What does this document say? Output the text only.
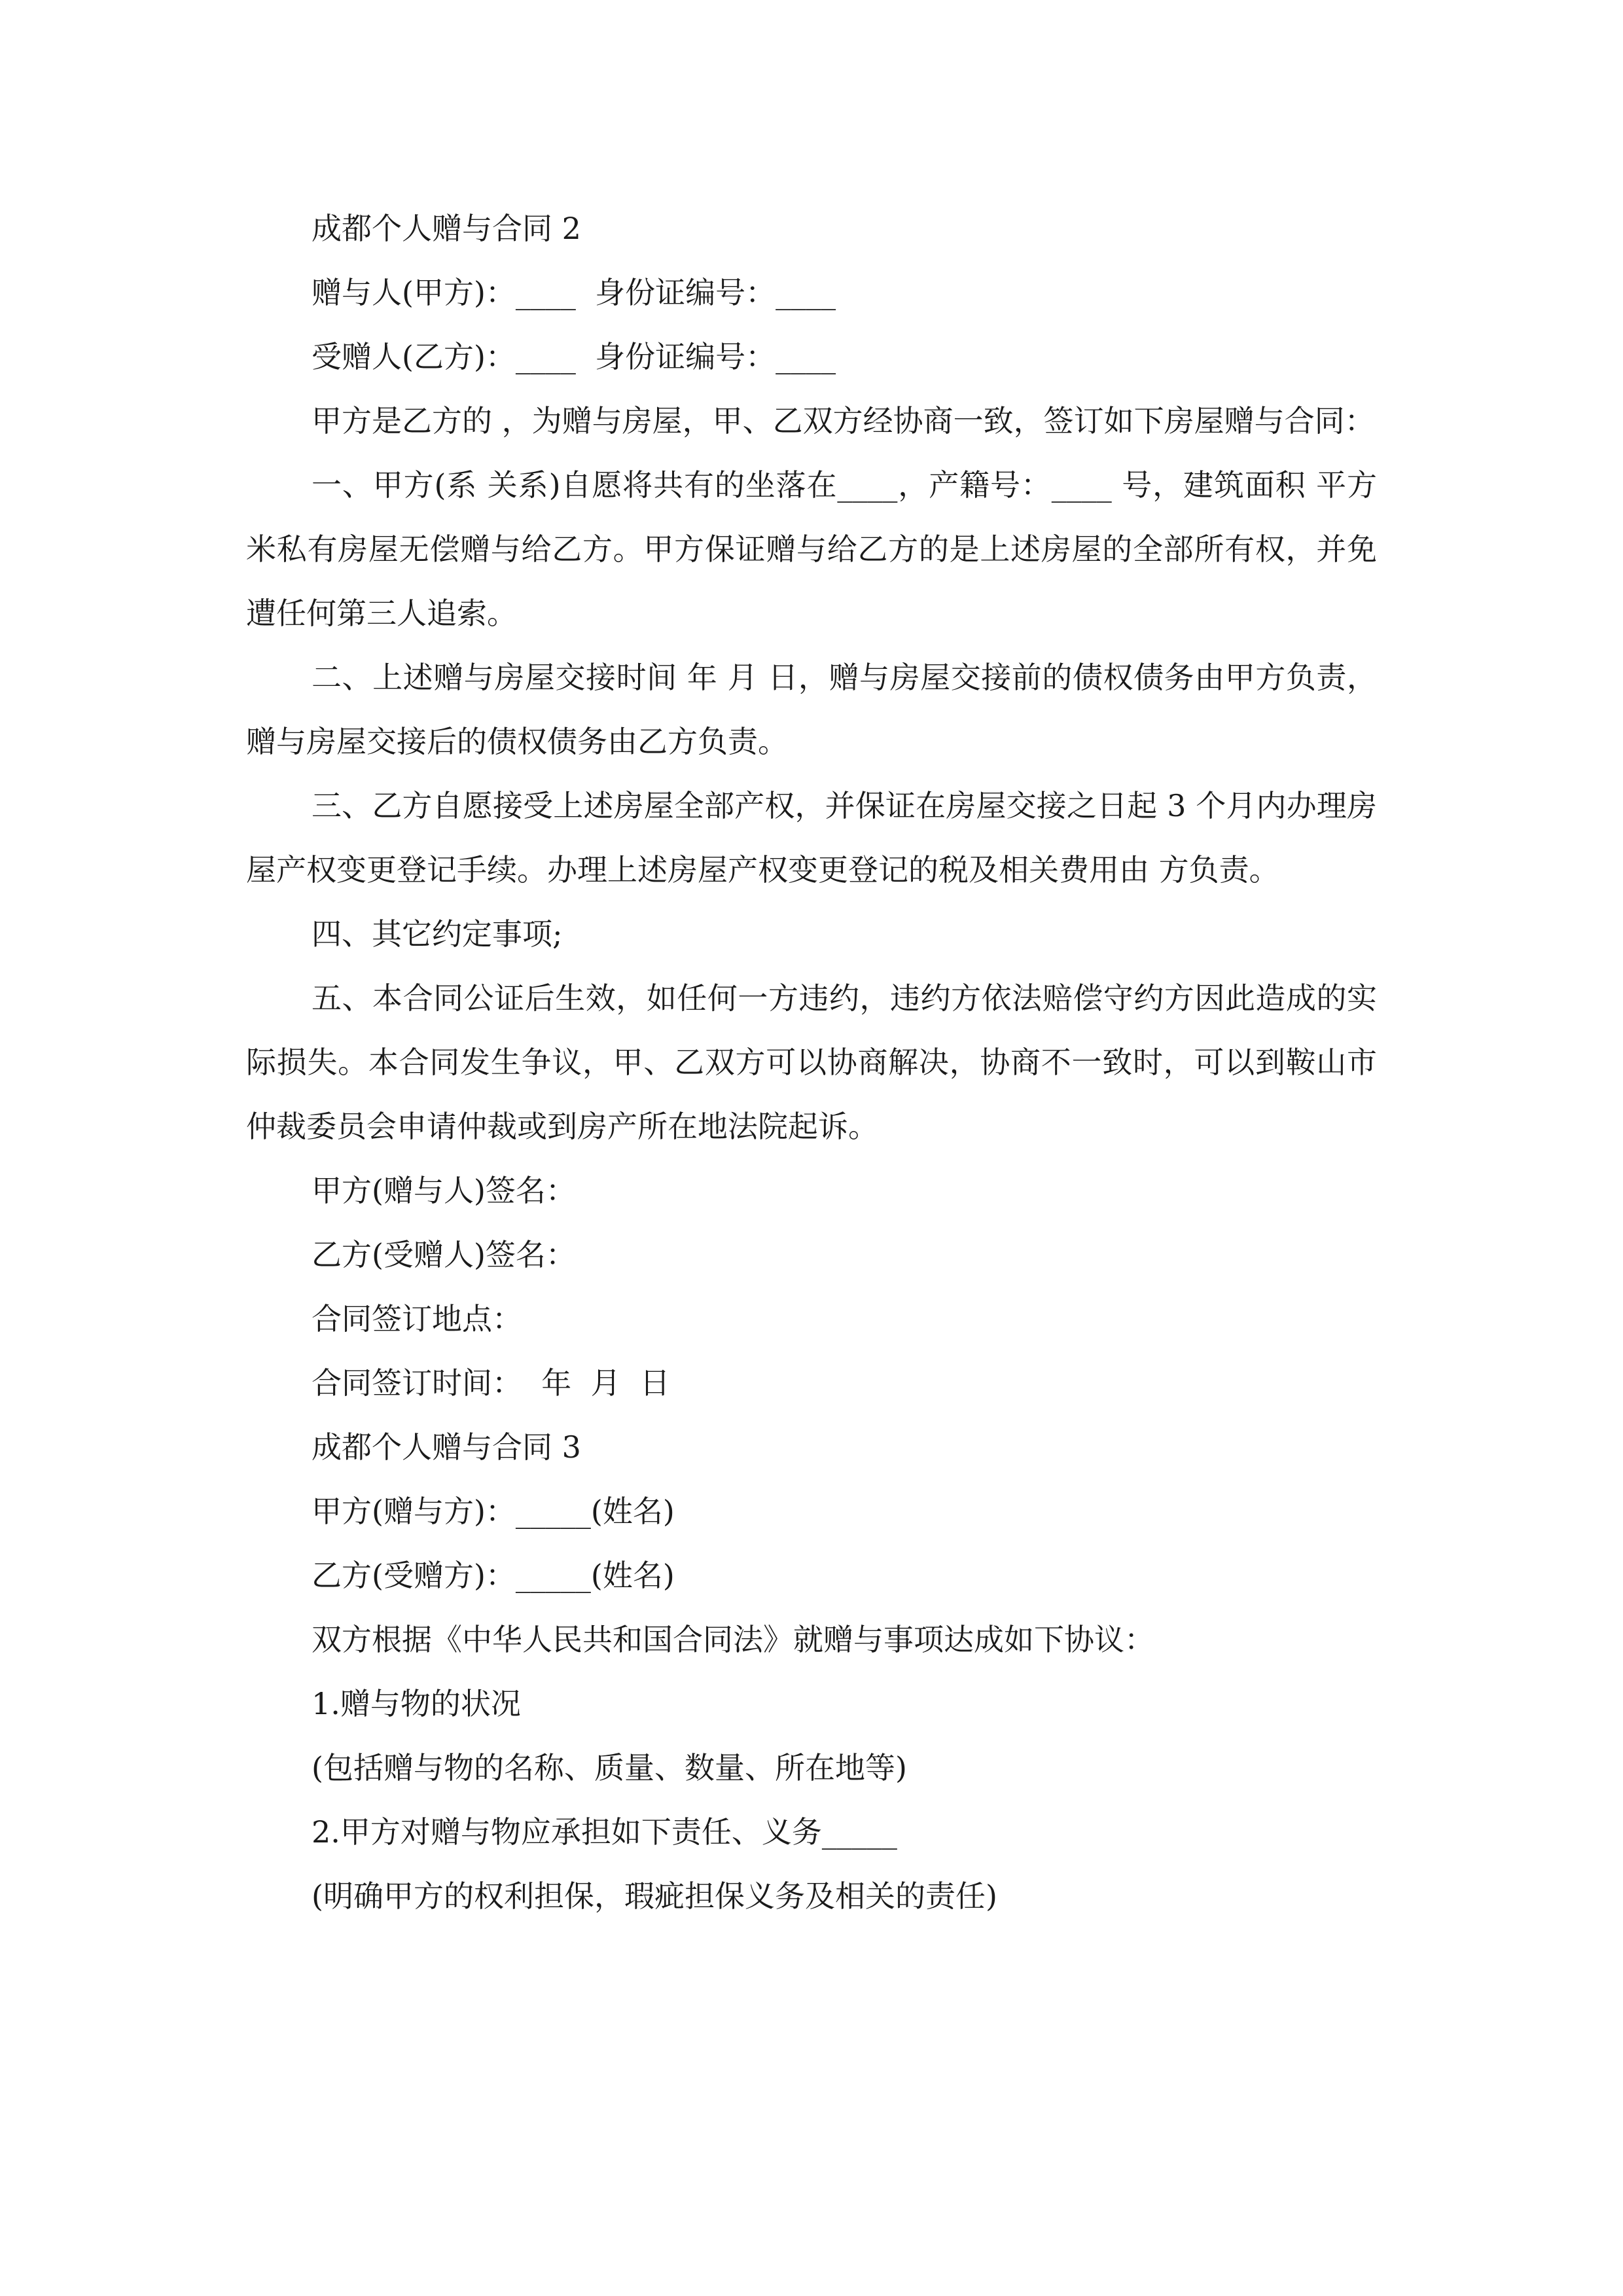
成都个人赠与合同 2
赠与人(甲方)：____  身份证编号：____
受赠人(乙方)：____  身份证编号：____

甲方是乙方的 ，为赠与房屋，甲、乙双方经协商一致，签订如下房屋赠与合同：

一、甲方(系 关系)自愿将共有的坐落在____，产籍号：____ 号，建筑面积 平方米私有房屋无偿赠与给乙方。甲方保证赠与给乙方的是上述房屋的全部所有权，并免遭任何第三人追索。

二、上述赠与房屋交接时间 年 月 日，赠与房屋交接前的债权债务由甲方负责，赠与房屋交接后的债权债务由乙方负责。

三、乙方自愿接受上述房屋全部产权，并保证在房屋交接之日起 3 个月内办理房屋产权变更登记手续。办理上述房屋产权变更登记的税及相关费用由 方负责。

四、其它约定事项;

五、本合同公证后生效，如任何一方违约，违约方依法赔偿守约方因此造成的实际损失。本合同发生争议，甲、乙双方可以协商解决，协商不一致时，可以到鞍山市仲裁委员会申请仲裁或到房产所在地法院起诉。

甲方(赠与人)签名：
乙方(受赠人)签名：
合同签订地点：
合同签订时间：  年  月  日
成都个人赠与合同 3
甲方(赠与方)：_____(姓名)
乙方(受赠方)：_____(姓名)
双方根据《中华人民共和国合同法》就赠与事项达成如下协议：
1.赠与物的状况
(包括赠与物的名称、质量、数量、所在地等)
2.甲方对赠与物应承担如下责任、义务_____
(明确甲方的权利担保，瑕疵担保义务及相关的责任)
